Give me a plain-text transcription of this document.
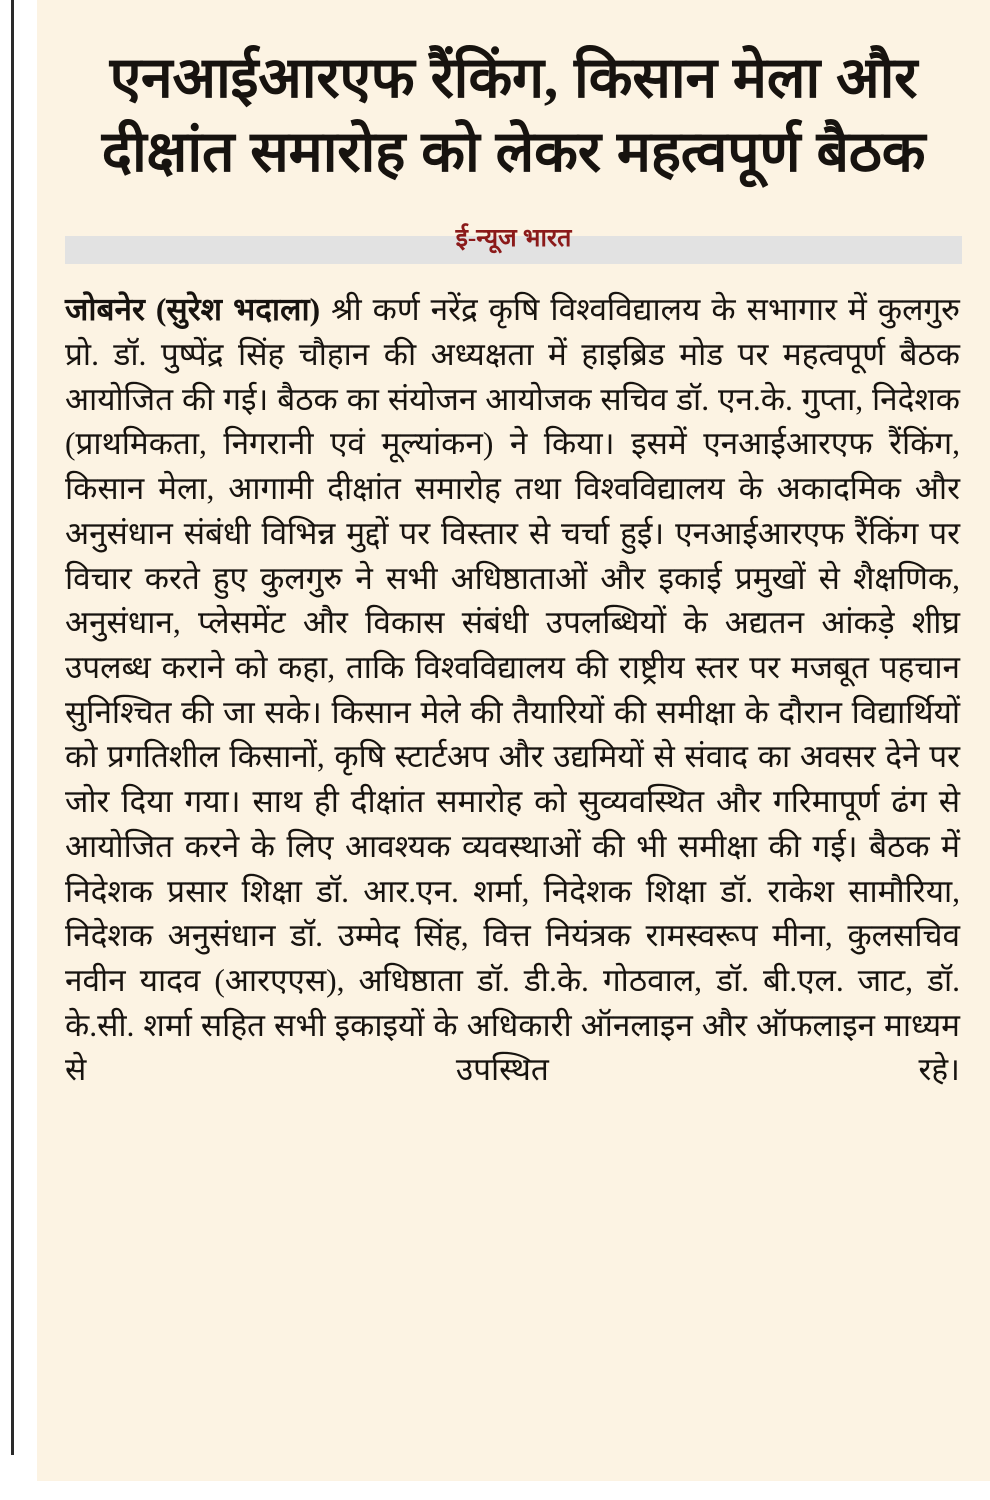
एनआईआरएफ रैंकिंग, किसान मेला और दीक्षांत समारोह को लेकर महत्वपूर्ण बैठक
ई-न्यूज भारत

जोबनेर (सुरेश भदाला) श्री कर्ण नरेंद्र कृषि विश्वविद्यालय के सभागार में कुलगुरु प्रो. डॉ. पुष्पेंद्र सिंह चौहान की अध्यक्षता में हाइब्रिड मोड पर महत्वपूर्ण बैठक आयोजित की गई। बैठक का संयोजन आयोजक सचिव डॉ. एन.के. गुप्ता, निदेशक (प्राथमिकता, निगरानी एवं मूल्यांकन) ने किया। इसमें एनआईआरएफ रैंकिंग, किसान मेला, आगामी दीक्षांत समारोह तथा विश्वविद्यालय के अकादमिक और अनुसंधान संबंधी विभिन्न मुद्दों पर विस्तार से चर्चा हुई। एनआईआरएफ रैंकिंग पर विचार करते हुए कुलगुरु ने सभी अधिष्ठाताओं और इकाई प्रमुखों से शैक्षणिक, अनुसंधान, प्लेसमेंट और विकास संबंधी उपलब्धियों के अद्यतन आंकड़े शीघ्र उपलब्ध कराने को कहा, ताकि विश्वविद्यालय की राष्ट्रीय स्तर पर मजबूत पहचान सुनिश्चित की जा सके। किसान मेले की तैयारियों की समीक्षा के दौरान विद्यार्थियों को प्रगतिशील किसानों, कृषि स्टार्टअप और उद्यमियों से संवाद का अवसर देने पर जोर दिया गया। साथ ही दीक्षांत समारोह को सुव्यवस्थित और गरिमापूर्ण ढंग से आयोजित करने के लिए आवश्यक व्यवस्थाओं की भी समीक्षा की गई। बैठक में निदेशक प्रसार शिक्षा डॉ. आर.एन. शर्मा, निदेशक शिक्षा डॉ. राकेश सामौरिया, निदेशक अनुसंधान डॉ. उम्मेद सिंह, वित्त नियंत्रक रामस्वरूप मीना, कुलसचिव नवीन यादव (आरएएस), अधिष्ठाता डॉ. डी.के. गोठवाल, डॉ. बी.एल. जाट, डॉ. के.सी. शर्मा सहित सभी इकाइयों के अधिकारी ऑनलाइन और ऑफलाइन माध्यम से उपस्थित रहे।
